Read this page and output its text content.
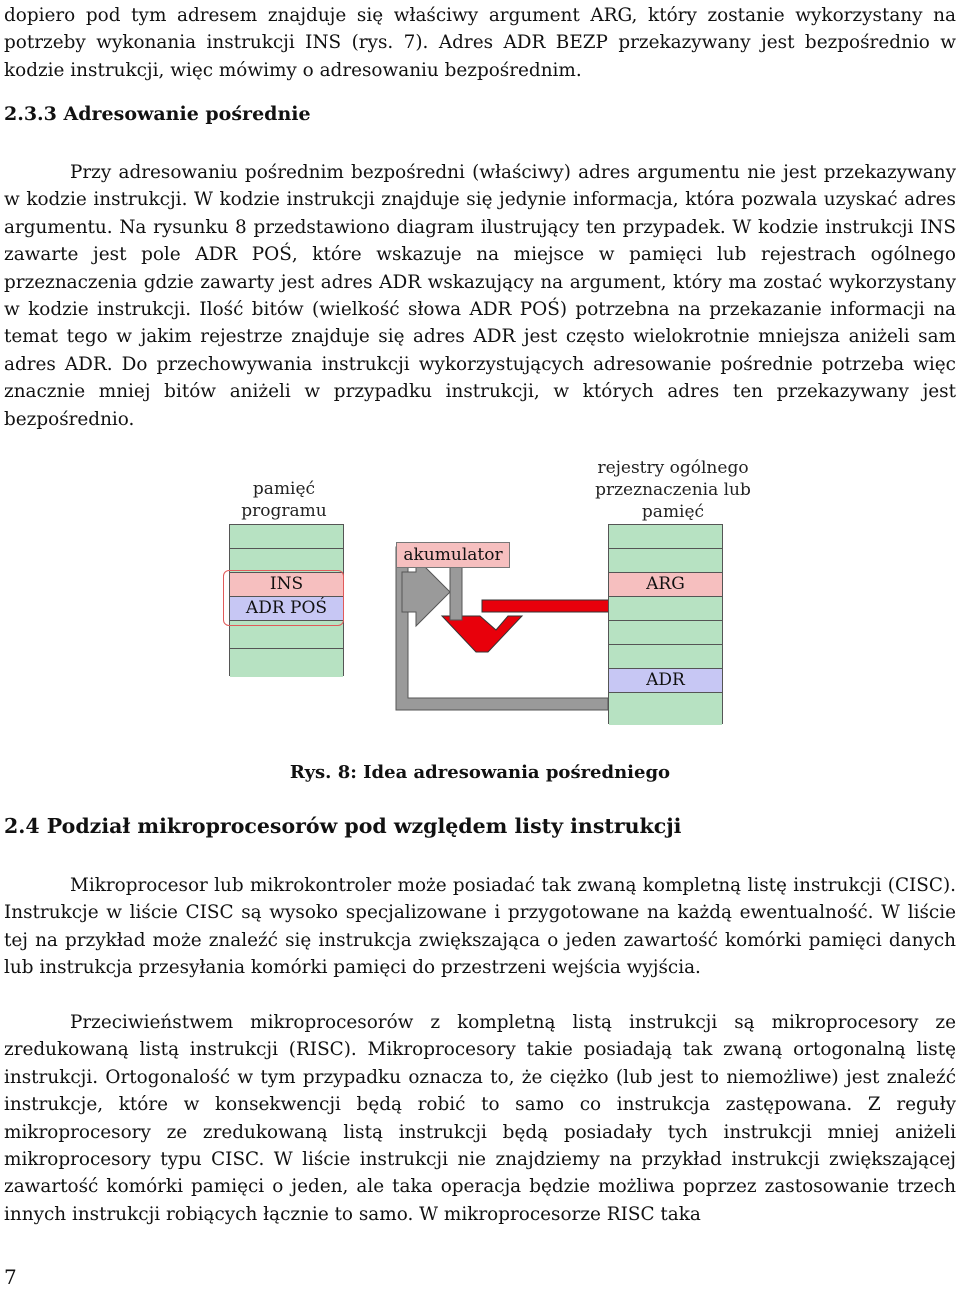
dopiero pod tym adresem znajduje się właściwy argument ARG, który zostanie wykorzystany na potrzeby wykonania instrukcji INS (rys. 7). Adres ADR BEZP przekazywany jest bezpośrednio w kodzie instrukcji, więc mówimy o adresowaniu bezpośrednim.

2.3.3 Adresowanie pośrednie

Przy adresowaniu pośrednim bezpośredni (właściwy) adres argumentu nie jest przekazywany w kodzie instrukcji. W kodzie instrukcji znajduje się jedynie informacja, która pozwala uzyskać adres argumentu. Na rysunku 8 przedstawiono diagram ilustrujący ten przypadek. W kodzie instrukcji INS zawarte jest pole ADR POŚ, które wskazuje na miejsce w pamięci lub rejestrach ogólnego przeznaczenia gdzie zawarty jest adres ADR wskazujący na argument, który ma zostać wykorzystany w kodzie instrukcji. Ilość bitów (wielkość słowa ADR POŚ) potrzebna na przekazanie informacji na temat tego w jakim rejestrze znajduje się adres ADR jest często wielokrotnie mniejsza aniżeli sam adres ADR. Do przechowywania instrukcji wykorzystujących adresowanie pośrednie potrzeba więc znacznie mniej bitów aniżeli w przypadku instrukcji, w których adres ten przekazywany jest bezpośrednio.

pamięć
programu
rejestry ogólnego
przeznaczenia lub
pamięć
INS
ADR POŚ
akumulator
ARG
ADR

Rys. 8: Idea adresowania pośredniego

2.4 Podział mikroprocesorów pod względem listy instrukcji

Mikroprocesor lub mikrokontroler może posiadać tak zwaną kompletną listę instrukcji (CISC). Instrukcje w liście CISC są wysoko specjalizowane i przygotowane na każdą ewentualność. W liście tej na przykład może znaleźć się instrukcja zwiększająca o jeden zawartość komórki pamięci danych lub instrukcja przesyłania komórki pamięci do przestrzeni wejścia wyjścia.

Przeciwieństwem mikroprocesorów z kompletną listą instrukcji są mikroprocesory ze zredukowaną listą instrukcji (RISC). Mikroprocesory takie posiadają tak zwaną ortogonalną listę instrukcji. Ortogonalość w tym przypadku oznacza to, że ciężko (lub jest to niemożliwe) jest znaleźć instrukcje, które w konsekwencji będą robić to samo co instrukcja zastępowana. Z reguły mikroprocesory ze zredukowaną listą instrukcji będą posiadały tych instrukcji mniej aniżeli mikroprocesory typu CISC. W liście instrukcji nie znajdziemy na przykład instrukcji zwiększającej zawartość komórki pamięci o jeden, ale taka operacja będzie możliwa poprzez zastosowanie trzech innych instrukcji robiących łącznie to samo. W mikroprocesorze RISC taka

7
